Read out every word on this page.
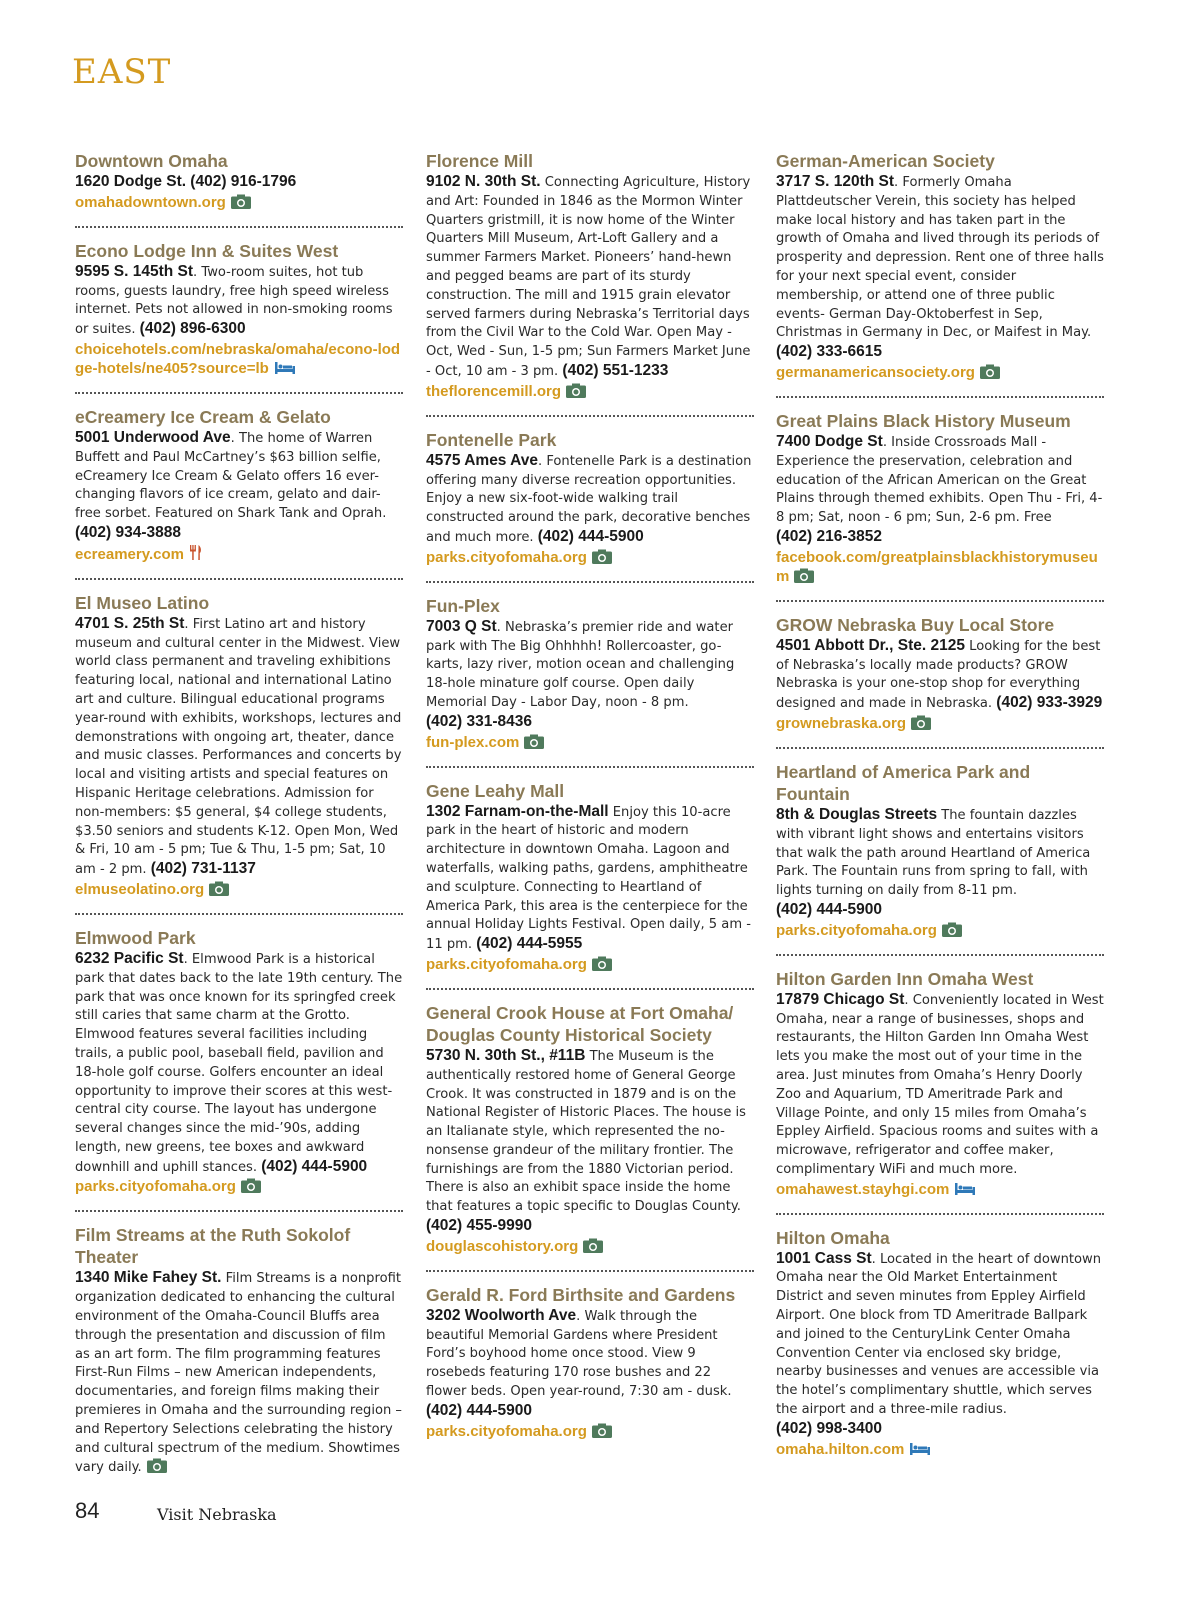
EAST
Downtown Omaha
1620 Dodge St. (402) 916-1796
omahadowntown.org
Econo Lodge Inn & Suites West
9595 S. 145th St. Two-room suites, hot tub rooms, guests laundry, free high speed wireless internet. Pets not allowed in non-smoking rooms or suites. (402) 896-6300
choicehotels.com/nebraska/omaha/econo-lodge-hotels/ne405?source=lb
eCreamery Ice Cream & Gelato
5001 Underwood Ave. The home of Warren Buffett and Paul McCartney’s $63 billion selfie, eCreamery Ice Cream & Gelato offers 16 ever-changing flavors of ice cream, gelato and dair-free sorbet. Featured on Shark Tank and Oprah. (402) 934-3888
ecreamery.com
El Museo Latino
4701 S. 25th St. First Latino art and history museum and cultural center in the Midwest. View world class permanent and traveling exhibitions featuring local, national and international Latino art and culture. Bilingual educational programs year-round with exhibits, workshops, lectures and demonstrations with ongoing art, theater, dance and music classes. Performances and concerts by local and visiting artists and special features on Hispanic Heritage celebrations. Admission for non-members: $5 general, $4 college students, $3.50 seniors and students K-12. Open Mon, Wed & Fri, 10 am - 5 pm; Tue & Thu, 1-5 pm; Sat, 10 am - 2 pm. (402) 731-1137
elmuseolatino.org
Elmwood Park
6232 Pacific St. Elmwood Park is a historical park that dates back to the late 19th century. The park that was once known for its springfed creek still caries that same charm at the Grotto. Elmwood features several facilities including trails, a public pool, baseball field, pavilion and 18-hole golf course. Golfers encounter an ideal opportunity to improve their scores at this west-central city course. The layout has undergone several changes since the mid-’90s, adding length, new greens, tee boxes and awkward downhill and uphill stances. (402) 444-5900
parks.cityofomaha.org
Film Streams at the Ruth Sokolof Theater
1340 Mike Fahey St. Film Streams is a nonprofit organization dedicated to enhancing the cultural environment of the Omaha-Council Bluffs area through the presentation and discussion of film as an art form. The film programming features First-Run Films – new American independents, documentaries, and foreign films making their premieres in Omaha and the surrounding region – and Repertory Selections celebrating the history and cultural spectrum of the medium. Showtimes vary daily.
Florence Mill
9102 N. 30th St. Connecting Agriculture, History and Art: Founded in 1846 as the Mormon Winter Quarters gristmill, it is now home of the Winter Quarters Mill Museum, Art-Loft Gallery and a summer Farmers Market. Pioneers’ hand-hewn and pegged beams are part of its sturdy construction. The mill and 1915 grain elevator served farmers during Nebraska’s Territorial days from the Civil War to the Cold War. Open May - Oct, Wed - Sun, 1-5 pm; Sun Farmers Market June - Oct, 10 am - 3 pm. (402) 551-1233
theflorencemill.org
Fontenelle Park
4575 Ames Ave. Fontenelle Park is a destination offering many diverse recreation opportunities. Enjoy a new six-foot-wide walking trail constructed around the park, decorative benches and much more. (402) 444-5900
parks.cityofomaha.org
Fun-Plex
7003 Q St. Nebraska’s premier ride and water park with The Big Ohhhhh! Rollercoaster, go-karts, lazy river, motion ocean and challenging 18-hole minature golf course. Open daily Memorial Day - Labor Day, noon - 8 pm. (402) 331-8436
fun-plex.com
Gene Leahy Mall
1302 Farnam-on-the-Mall Enjoy this 10-acre park in the heart of historic and modern architecture in downtown Omaha. Lagoon and waterfalls, walking paths, gardens, amphitheatre and sculpture. Connecting to Heartland of America Park, this area is the centerpiece for the annual Holiday Lights Festival. Open daily, 5 am - 11 pm. (402) 444-5955
parks.cityofomaha.org
General Crook House at Fort Omaha/ Douglas County Historical Society
5730 N. 30th St., #11B The Museum is the authentically restored home of General George Crook. It was constructed in 1879 and is on the National Register of Historic Places. The house is an Italianate style, which represented the no-nonsense grandeur of the military frontier. The furnishings are from the 1880 Victorian period. There is also an exhibit space inside the home that features a topic specific to Douglas County. (402) 455-9990
douglascohistory.org
Gerald R. Ford Birthsite and Gardens
3202 Woolworth Ave. Walk through the beautiful Memorial Gardens where President Ford’s boyhood home once stood. View 9 rosebeds featuring 170 rose bushes and 22 flower beds. Open year-round, 7:30 am - dusk. (402) 444-5900
parks.cityofomaha.org
German-American Society
3717 S. 120th St. Formerly Omaha Plattdeutscher Verein, this society has helped make local history and has taken part in the growth of Omaha and lived through its periods of prosperity and depression. Rent one of three halls for your next special event, consider membership, or attend one of three public events- German Day-Oktoberfest in Sep, Christmas in Germany in Dec, or Maifest in May. (402) 333-6615
germanamericansociety.org
Great Plains Black History Museum
7400 Dodge St. Inside Crossroads Mall - Experience the preservation, celebration and education of the African American on the Great Plains through themed exhibits. Open Thu - Fri, 4-8 pm; Sat, noon - 6 pm; Sun, 2-6 pm. Free (402) 216-3852
facebook.com/greatplainsblackhistorymuseum
GROW Nebraska Buy Local Store
4501 Abbott Dr., Ste. 2125 Looking for the best of Nebraska’s locally made products? GROW Nebraska is your one-stop shop for everything designed and made in Nebraska. (402) 933-3929
grownebraska.org
Heartland of America Park and Fountain
8th & Douglas Streets The fountain dazzles with vibrant light shows and entertains visitors that walk the path around Heartland of America Park. The Fountain runs from spring to fall, with lights turning on daily from 8-11 pm. (402) 444-5900
parks.cityofomaha.org
Hilton Garden Inn Omaha West
17879 Chicago St. Conveniently located in West Omaha, near a range of businesses, shops and restaurants, the Hilton Garden Inn Omaha West lets you make the most out of your time in the area. Just minutes from Omaha’s Henry Doorly Zoo and Aquarium, TD Ameritrade Park and Village Pointe, and only 15 miles from Omaha’s Eppley Airfield. Spacious rooms and suites with a microwave, refrigerator and coffee maker, complimentary WiFi and much more.
omahawest.stayhgi.com
Hilton Omaha
1001 Cass St. Located in the heart of downtown Omaha near the Old Market Entertainment District and seven minutes from Eppley Airfield Airport. One block from TD Ameritrade Ballpark and joined to the CenturyLink Center Omaha Convention Center via enclosed sky bridge, nearby businesses and venues are accessible via the hotel’s complimentary shuttle, which serves the airport and a three-mile radius. (402) 998-3400
omaha.hilton.com
84	Visit Nebraska
